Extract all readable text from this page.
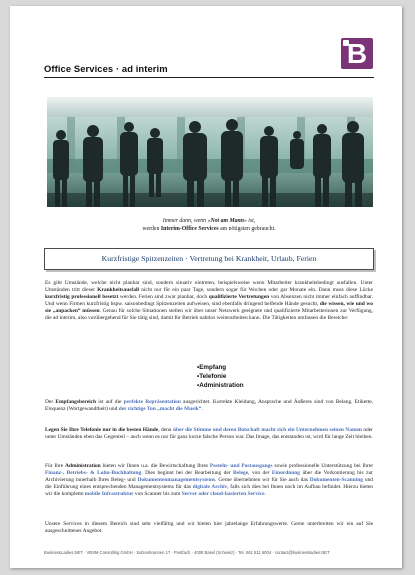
Office Services · ad interim	B
Immer dann, wenn «Not am Mann» ist,
werden Interim-Office Services am nötigsten gebraucht.
Kurzfristige Spitzenzeiten · Vertretung bei Krankheit, Urlaub, Ferien
Es gibt Umstände, welche nicht planbar sind, sondern situativ eintreten, beispielsweise wenn Mitarbeiter krankheitsbedingt ausfallen. Unter Umständen tritt dieser Krankheitsausfall nicht nur für ein paar Tage, sondern sogar für Wochen oder gar Monate ein. Dann muss diese Lücke kurzfristig professionell besetzt werden. Ferien sind zwar planbar, doch qualifizierte Vertretungen von Absenzen nicht immer einfach auffindbar. Und wenn Firmen kurzfristig bspw. saisonbedingt Spitzenzeiten aufweisen, sind ebenfalls dringend helfende Hände gesucht, die wissen, wie und wo sie „anpacken“ müssen. Genau für solche Situationen stellen wir über unser Netzwerk geeignete und qualifizierte Mitarbeiterinnen zur Verfügung, die ad interim, also vorübergehend für Sie tätig sind, damit Ihr Betrieb nahtlos weiterarbeiten kann. Die Tätigkeiten umfassen die Bereiche:
• Empfang
• Telefonie
• Administration
Der Empfangsbereich ist auf die perfekte Repräsentation ausgerichtet. Korrekte Kleidung, Ansprache und Äußeres sind von Belang. Etikette, Eloquenz (Wortgewandtheit) und der richtige Ton „macht die Musik“.
Legen Sie Ihre Telefonie nur in die besten Hände, denn über die Stimme und deren Botschaft macht sich ein Unternehmen seinen Namen oder unter Umständen eben das Gegenteil – auch wenn es nur für ganz kurze falsche Person war. Das Image, das entstanden ist, wird für lange Zeit bleiben.
Für Ihre Administration bieten wir Ihnen u.a. die Bewirtschaftung Ihres Posteln- und Postausgangs sowie professionelle Unterstützung bei Ihrer Finanz-, Betriebs- & Lohn-Buchhaltung. Dies beginnt bei der Bearbeitung der Belege, von der Einordnung über die Vorkontierung bis zur Archivierung innerhalb Ihres Beleg- und Dokumentenmanagementsystems. Gerne übernehmen wir für Sie auch das Dokumenten-Scanning und die Einführung eines entsprechenden Managementsystems für das digitale Archiv, falls sich dies bei Ihnen noch im Aufbau befindet. Hierzu bieten wir die komplette mobile Infrastruktur von Scanner bis zum Server oder cloud-basierten Service.
Unsere Services in diesem Bereich sind sehr vielfältig und wir bieten hier jahrelange Erfahrungswerte. Gerne unterbreiten wir ein auf Sie ausgeschnittenes Angebot.
BusinessLadies.NET · VBSM Consulting GmbH · Sulzenbrunnen 17 · Postfach · 4008 Basel (Schweiz) · Tel. 061 511 6004 · contact@businessladies.NET
